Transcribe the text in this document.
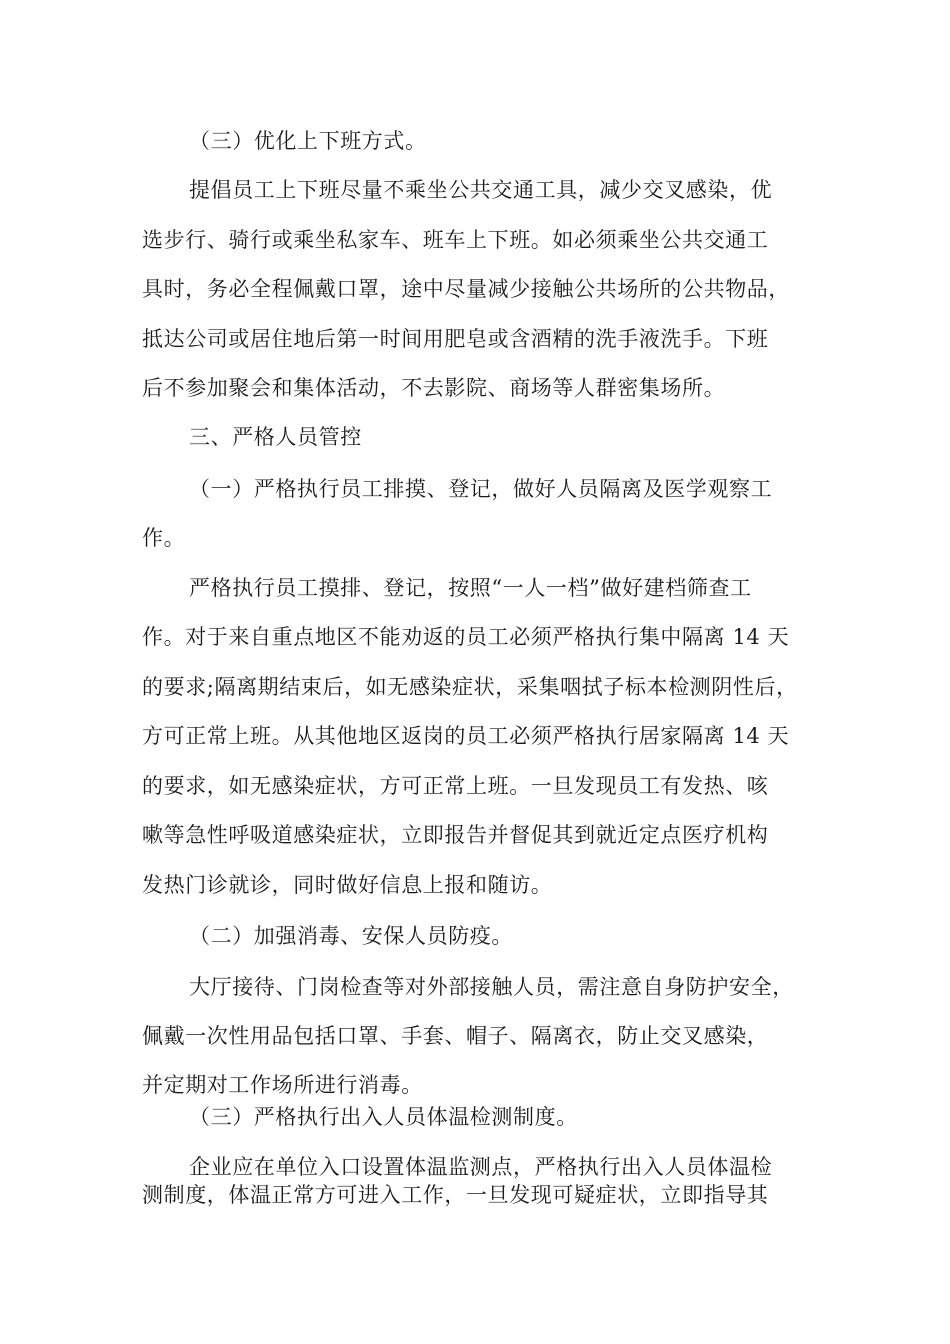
（三）优化上下班方式。
提倡员工上下班尽量不乘坐公共交通工具，减少交叉感染，优
选步行、骑行或乘坐私家车、班车上下班。如必须乘坐公共交通工
具时，务必全程佩戴口罩，途中尽量减少接触公共场所的公共物品，
抵达公司或居住地后第一时间用肥皂或含酒精的洗手液洗手。下班
后不参加聚会和集体活动，不去影院、商场等人群密集场所。
三、严格人员管控
（一）严格执行员工排摸、登记，做好人员隔离及医学观察工
作。
严格执行员工摸排、登记，按照“一人一档”做好建档筛查工
作。对于来自重点地区不能劝返的员工必须严格执行集中隔离 14 天
的要求;隔离期结束后，如无感染症状，采集咽拭子标本检测阴性后，
方可正常上班。从其他地区返岗的员工必须严格执行居家隔离 14 天
的要求，如无感染症状，方可正常上班。一旦发现员工有发热、咳
嗽等急性呼吸道感染症状，立即报告并督促其到就近定点医疗机构
发热门诊就诊，同时做好信息上报和随访。
（二）加强消毒、安保人员防疫。
大厅接待、门岗检查等对外部接触人员，需注意自身防护安全，
佩戴一次性用品包括口罩、手套、帽子、隔离衣，防止交叉感染，
并定期对工作场所进行消毒。
（三）严格执行出入人员体温检测制度。
企业应在单位入口设置体温监测点，严格执行出入人员体温检
测制度，体温正常方可进入工作，一旦发现可疑症状，立即指导其
